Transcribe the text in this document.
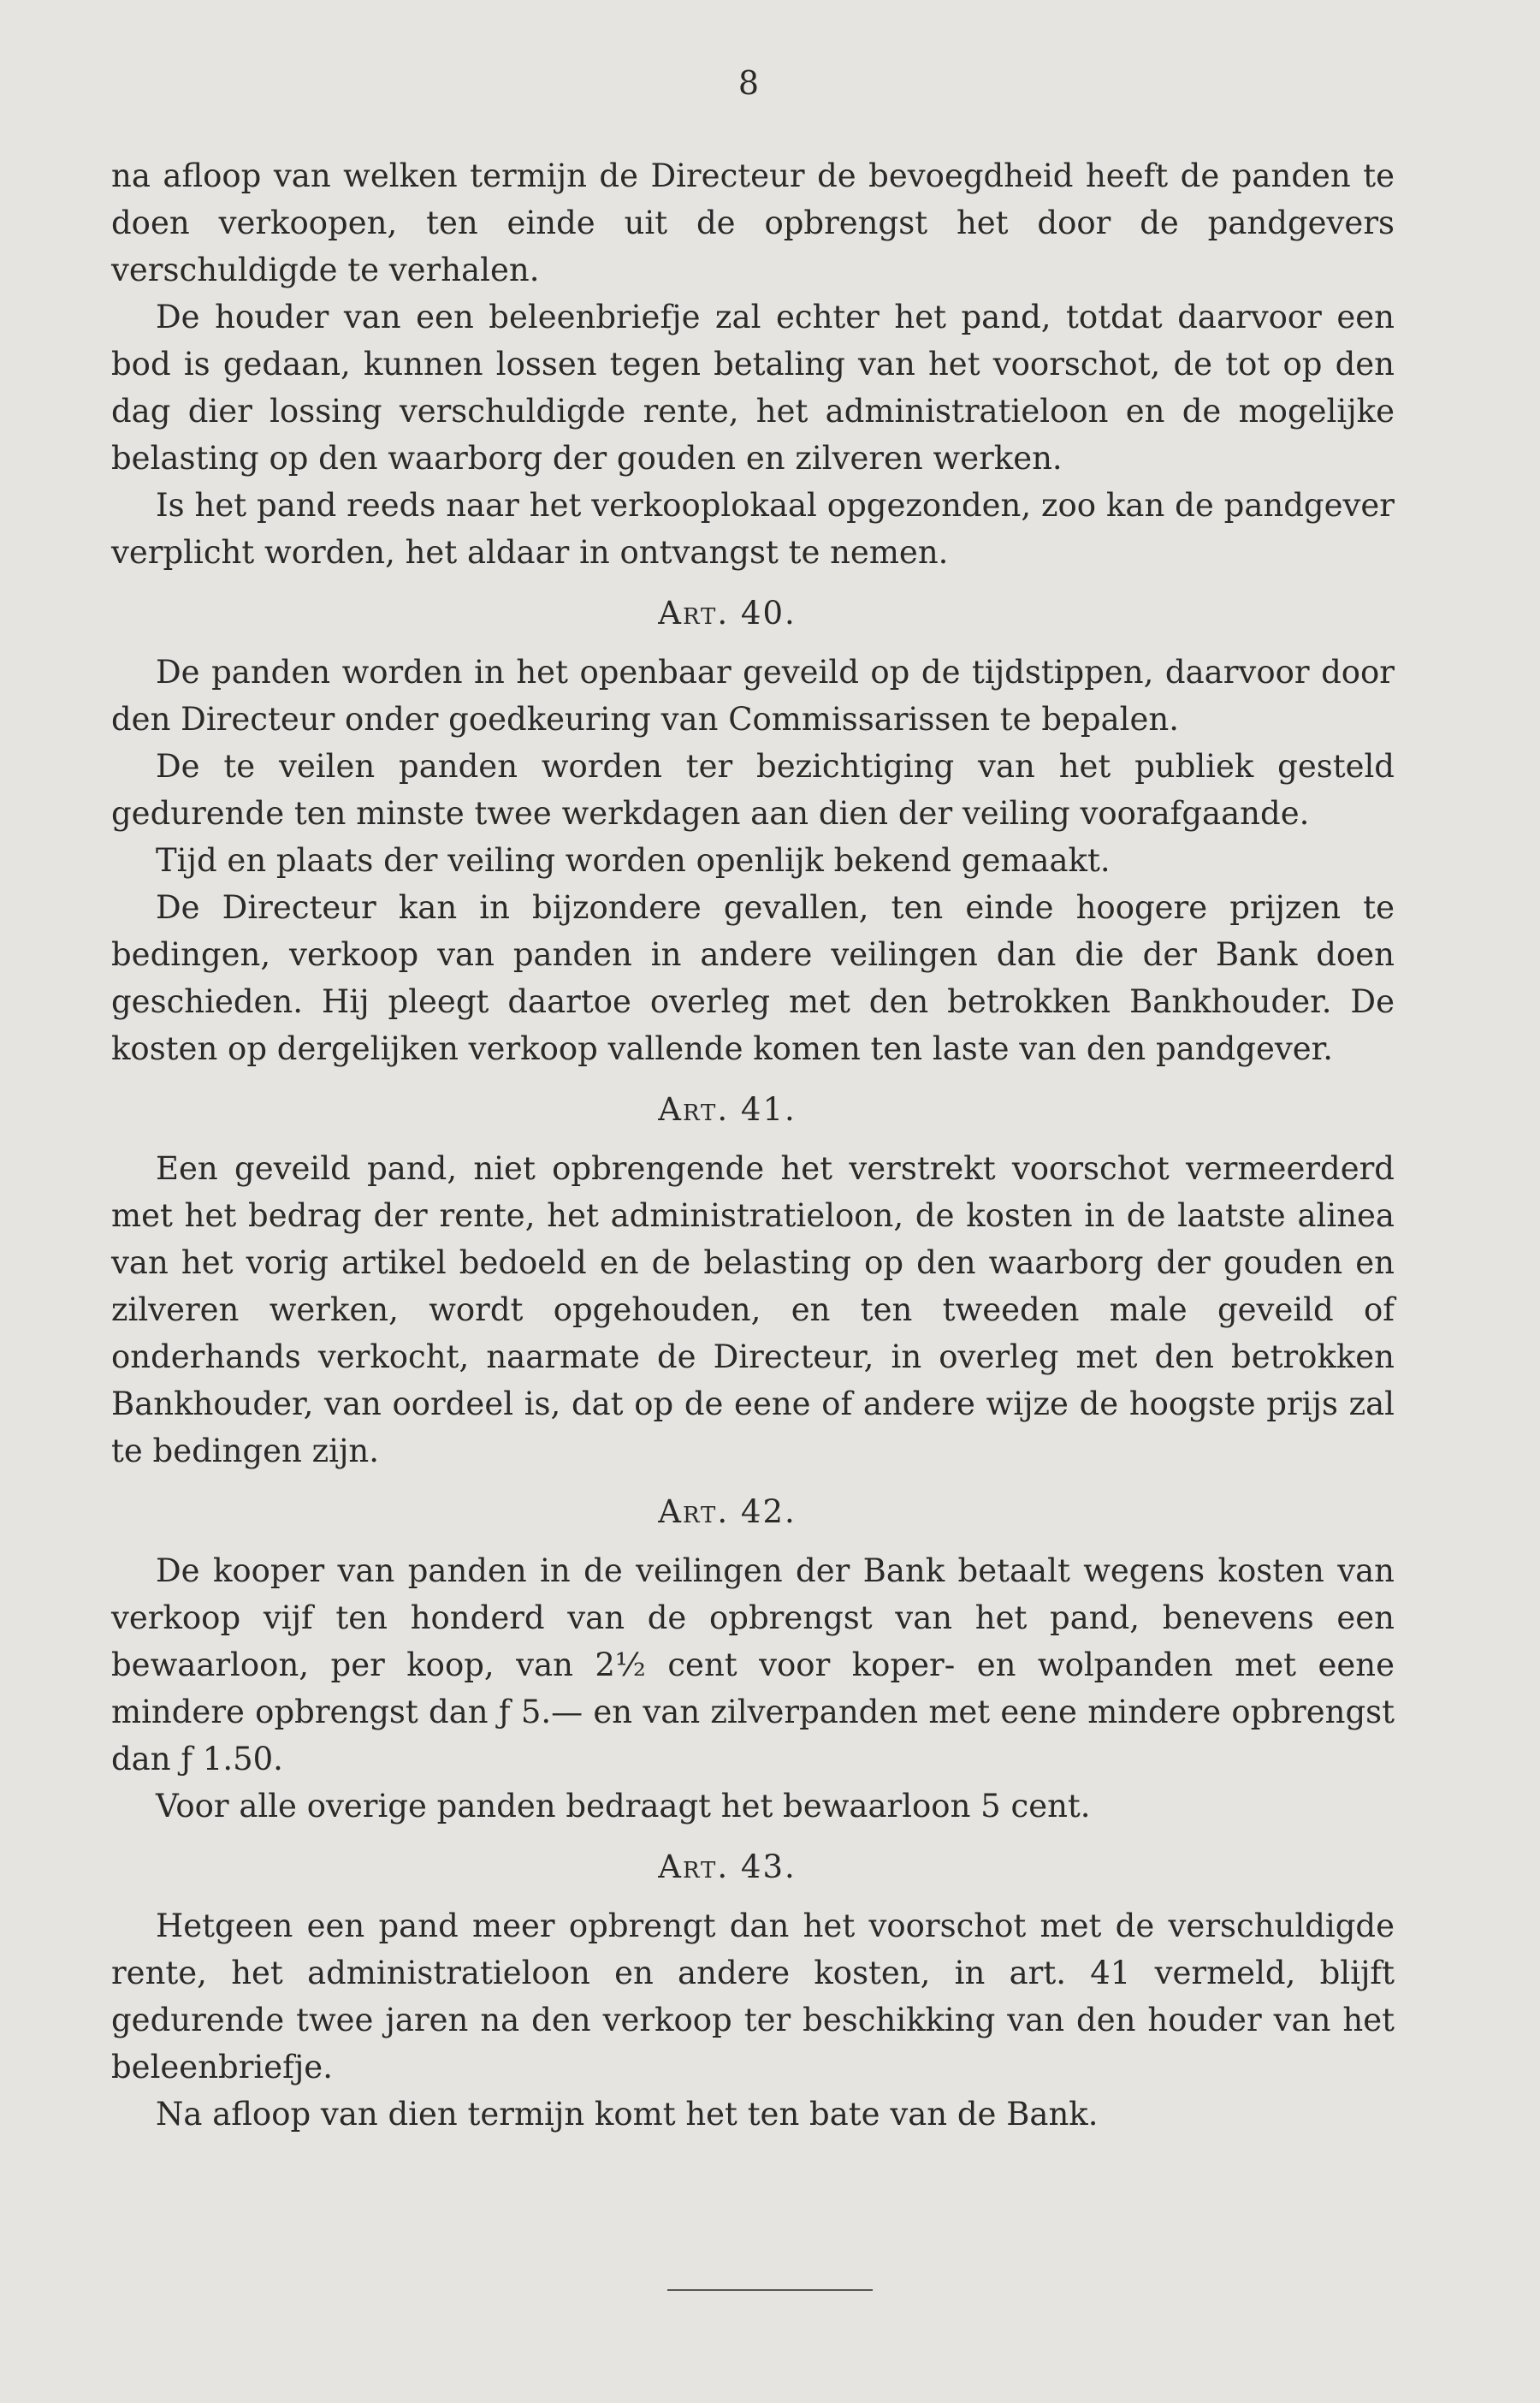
8

na afloop van welken termijn de Directeur de bevoegdheid heeft de panden te doen verkoopen, ten einde uit de opbrengst het door de pandgevers verschuldigde te verhalen.

De houder van een beleenbriefje zal echter het pand, totdat daarvoor een bod is gedaan, kunnen lossen tegen betaling van het voorschot, de tot op den dag dier lossing verschuldigde rente, het administratieloon en de mogelijke belasting op den waarborg der gouden en zilveren werken.

Is het pand reeds naar het verkooplokaal opgezonden, zoo kan de pandgever verplicht worden, het aldaar in ontvangst te nemen.

Art. 40.

De panden worden in het openbaar geveild op de tijdstippen, daarvoor door den Directeur onder goedkeuring van Commissarissen te bepalen.

De te veilen panden worden ter bezichtiging van het publiek gesteld gedurende ten minste twee werkdagen aan dien der veiling voorafgaande.

Tijd en plaats der veiling worden openlijk bekend gemaakt.

De Directeur kan in bijzondere gevallen, ten einde hoogere prijzen te bedingen, verkoop van panden in andere veilingen dan die der Bank doen geschieden. Hij pleegt daartoe overleg met den betrokken Bankhouder. De kosten op dergelijken verkoop vallende komen ten laste van den pandgever.

Art. 41.

Een geveild pand, niet opbrengende het verstrekt voorschot vermeerderd met het bedrag der rente, het administratieloon, de kosten in de laatste alinea van het vorig artikel bedoeld en de belasting op den waarborg der gouden en zilveren werken, wordt opgehouden, en ten tweeden male geveild of onderhands verkocht, naarmate de Directeur, in overleg met den betrokken Bankhouder, van oordeel is, dat op de eene of andere wijze de hoogste prijs zal te bedingen zijn.

Art. 42.

De kooper van panden in de veilingen der Bank betaalt wegens kosten van verkoop vijf ten honderd van de opbrengst van het pand, benevens een bewaarloon, per koop, van 2½ cent voor koper- en wolpanden met eene mindere opbrengst dan ƒ 5.— en van zilverpanden met eene mindere opbrengst dan ƒ 1.50.

Voor alle overige panden bedraagt het bewaarloon 5 cent.

Art. 43.

Hetgeen een pand meer opbrengt dan het voorschot met de verschuldigde rente, het administratieloon en andere kosten, in art. 41 vermeld, blijft gedurende twee jaren na den verkoop ter beschikking van den houder van het beleenbriefje.

Na afloop van dien termijn komt het ten bate van de Bank.
